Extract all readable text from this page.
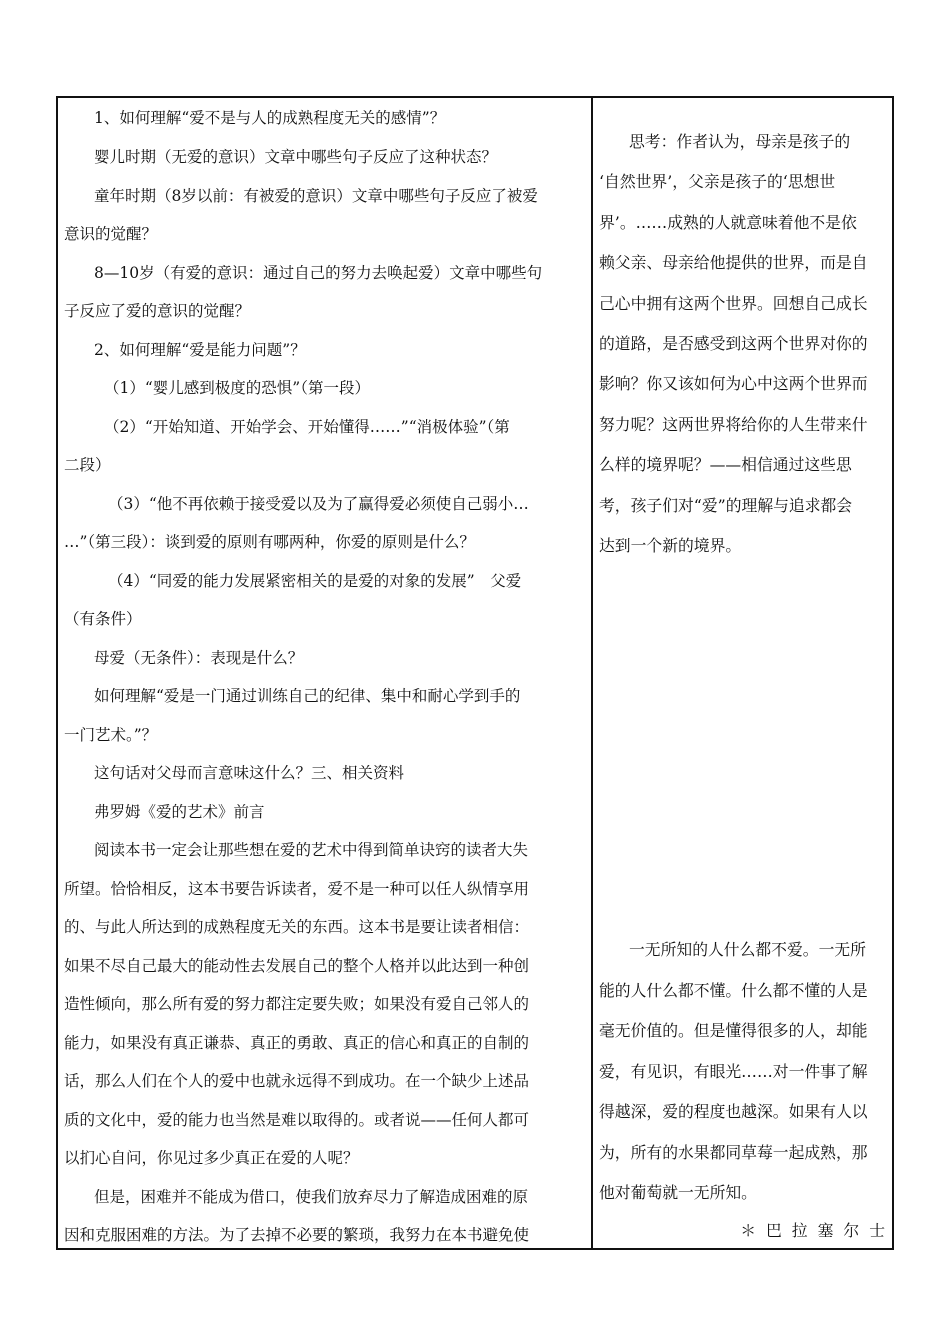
1、如何理解“爱不是与人的成熟程度无关的感情”？

婴儿时期（无爱的意识）文章中哪些句子反应了这种状态？

童年时期（8岁以前：有被爱的意识）文章中哪些句子反应了被爱

意识的觉醒？

8—10岁（有爱的意识：通过自己的努力去唤起爱）文章中哪些句

子反应了爱的意识的觉醒？

2、如何理解“爱是能力问题”？

（1）“婴儿感到极度的恐惧”（第一段）

（2）“开始知道、开始学会、开始懂得……”“消极体验”（第

二段）

（3）“他不再依赖于接受爱以及为了赢得爱必须使自己弱小…

…”（第三段）：谈到爱的原则有哪两种，你爱的原则是什么？

（4）“同爱的能力发展紧密相关的是爱的对象的发展”　父爱

（有条件）

母爱（无条件）：表现是什么？

如何理解“爱是一门通过训练自己的纪律、集中和耐心学到手的

一门艺术。”？

这句话对父母而言意味这什么？三、相关资料

弗罗姆《爱的艺术》前言

阅读本书一定会让那些想在爱的艺术中得到简单诀窍的读者大失

所望。恰恰相反，这本书要告诉读者，爱不是一种可以任人纵情享用

的、与此人所达到的成熟程度无关的东西。这本书是要让读者相信：

如果不尽自己最大的能动性去发展自己的整个人格并以此达到一种创

造性倾向，那么所有爱的努力都注定要失败；如果没有爱自己邻人的

能力，如果没有真正谦恭、真正的勇敢、真正的信心和真正的自制的

话，那么人们在个人的爱中也就永远得不到成功。在一个缺少上述品

质的文化中，爱的能力也当然是难以取得的。或者说——任何人都可

以扪心自问，你见过多少真正在爱的人呢？

但是，困难并不能成为借口，使我们放弃尽力了解造成困难的原

因和克服困难的方法。为了去掉不必要的繁琐，我努力在本书避免使

思考：作者认为，母亲是孩子的

‘自然世界’，父亲是孩子的‘思想世

界’。……成熟的人就意味着他不是依

赖父亲、母亲给他提供的世界，而是自

己心中拥有这两个世界。回想自己成长

的道路，是否感受到这两个世界对你的

影响？你又该如何为心中这两个世界而

努力呢？这两世界将给你的人生带来什

么样的境界呢？——相信通过这些思

考，孩子们对“爱”的理解与追求都会

达到一个新的境界。

一无所知的人什么都不爱。一无所

能的人什么都不懂。什么都不懂的人是

毫无价值的。但是懂得很多的人，却能

爱，有见识，有眼光……对一件事了解

得越深，爱的程度也越深。如果有人以

为，所有的水果都同草莓一起成熟，那

他对葡萄就一无所知。

＊巴拉塞尔士
